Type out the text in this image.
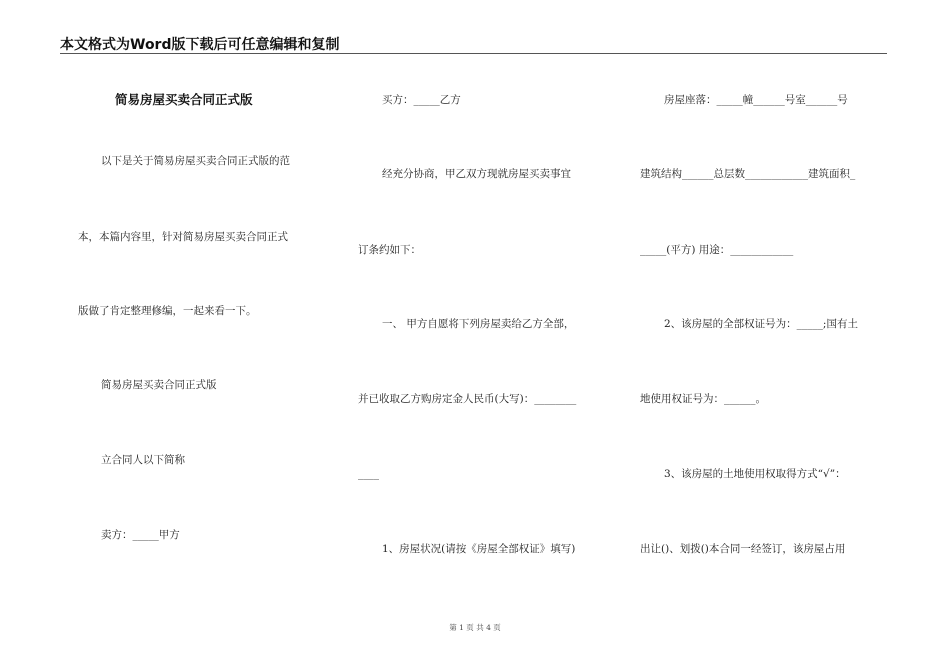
本文格式为Word版下载后可任意编辑和复制
简易房屋买卖合同正式版
以下是关于简易房屋买卖合同正式版的范
本，本篇内容里，针对简易房屋买卖合同正式
版做了肯定整理修编，一起来看一下。
简易房屋买卖合同正式版
立合同人以下简称
卖方：_____甲方
买方：_____乙方
经充分协商，甲乙双方现就房屋买卖事宜
订条约如下：
一、 甲方自愿将下列房屋卖给乙方全部，
并已收取乙方购房定金人民币(大写)：________
____
1、房屋状况(请按《房屋全部权证》填写)
房屋座落：_____幢______号室______号
建筑结构______总层数____________建筑面积_
_____(平方) 用途：____________
2、该房屋的全部权证号为：_____;国有土
地使用权证号为：______。
3、该房屋的土地使用权取得方式“√”：
出让()、划拨()本合同一经签订，该房屋占用
第 1 页 共 4 页
